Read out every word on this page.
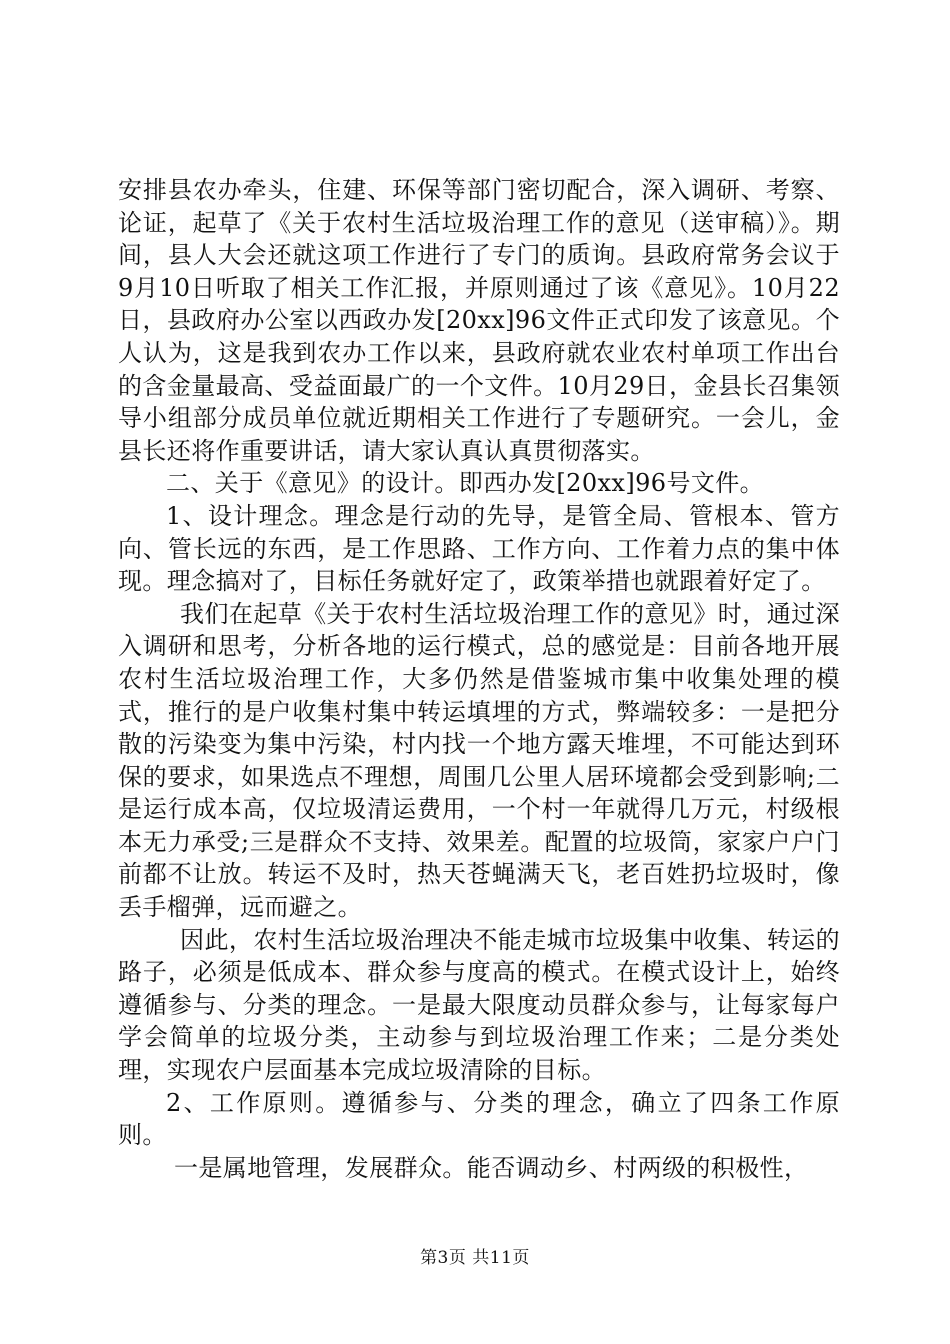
安排县农办牵头，住建、环保等部门密切配合，深入调研、考察、论证，起草了《关于农村生活垃圾治理工作的意见（送审稿）》。期间，县人大会还就这项工作进行了专门的质询。县政府常务会议于9月10日听取了相关工作汇报，并原则通过了该《意见》。10月22日，县政府办公室以西政办发[20xx]96文件正式印发了该意见。个人认为，这是我到农办工作以来，县政府就农业农村单项工作出台的含金量最高、受益面最广的一个文件。10月29日，金县长召集领导小组部分成员单位就近期相关工作进行了专题研究。一会儿，金县长还将作重要讲话，请大家认真认真贯彻落实。

二、关于《意见》的设计。即西办发[20xx]96号文件。

1、设计理念。理念是行动的先导，是管全局、管根本、管方向、管长远的东西，是工作思路、工作方向、工作着力点的集中体现。理念搞对了，目标任务就好定了，政策举措也就跟着好定了。

我们在起草《关于农村生活垃圾治理工作的意见》时，通过深入调研和思考，分析各地的运行模式，总的感觉是：目前各地开展农村生活垃圾治理工作，大多仍然是借鉴城市集中收集处理的模式，推行的是户收集村集中转运填埋的方式，弊端较多：一是把分散的污染变为集中污染，村内找一个地方露天堆埋，不可能达到环保的要求，如果选点不理想，周围几公里人居环境都会受到影响;二是运行成本高，仅垃圾清运费用，一个村一年就得几万元，村级根本无力承受;三是群众不支持、效果差。配置的垃圾筒，家家户户门前都不让放。转运不及时，热天苍蝇满天飞，老百姓扔垃圾时，像丢手榴弹，远而避之。

因此，农村生活垃圾治理决不能走城市垃圾集中收集、转运的路子，必须是低成本、群众参与度高的模式。在模式设计上，始终遵循参与、分类的理念。一是最大限度动员群众参与，让每家每户学会简单的垃圾分类，主动参与到垃圾治理工作来；二是分类处理，实现农户层面基本完成垃圾清除的目标。

2、工作原则。遵循参与、分类的理念，确立了四条工作原则。

一是属地管理，发展群众。能否调动乡、村两级的积极性，

第3页 共11页
